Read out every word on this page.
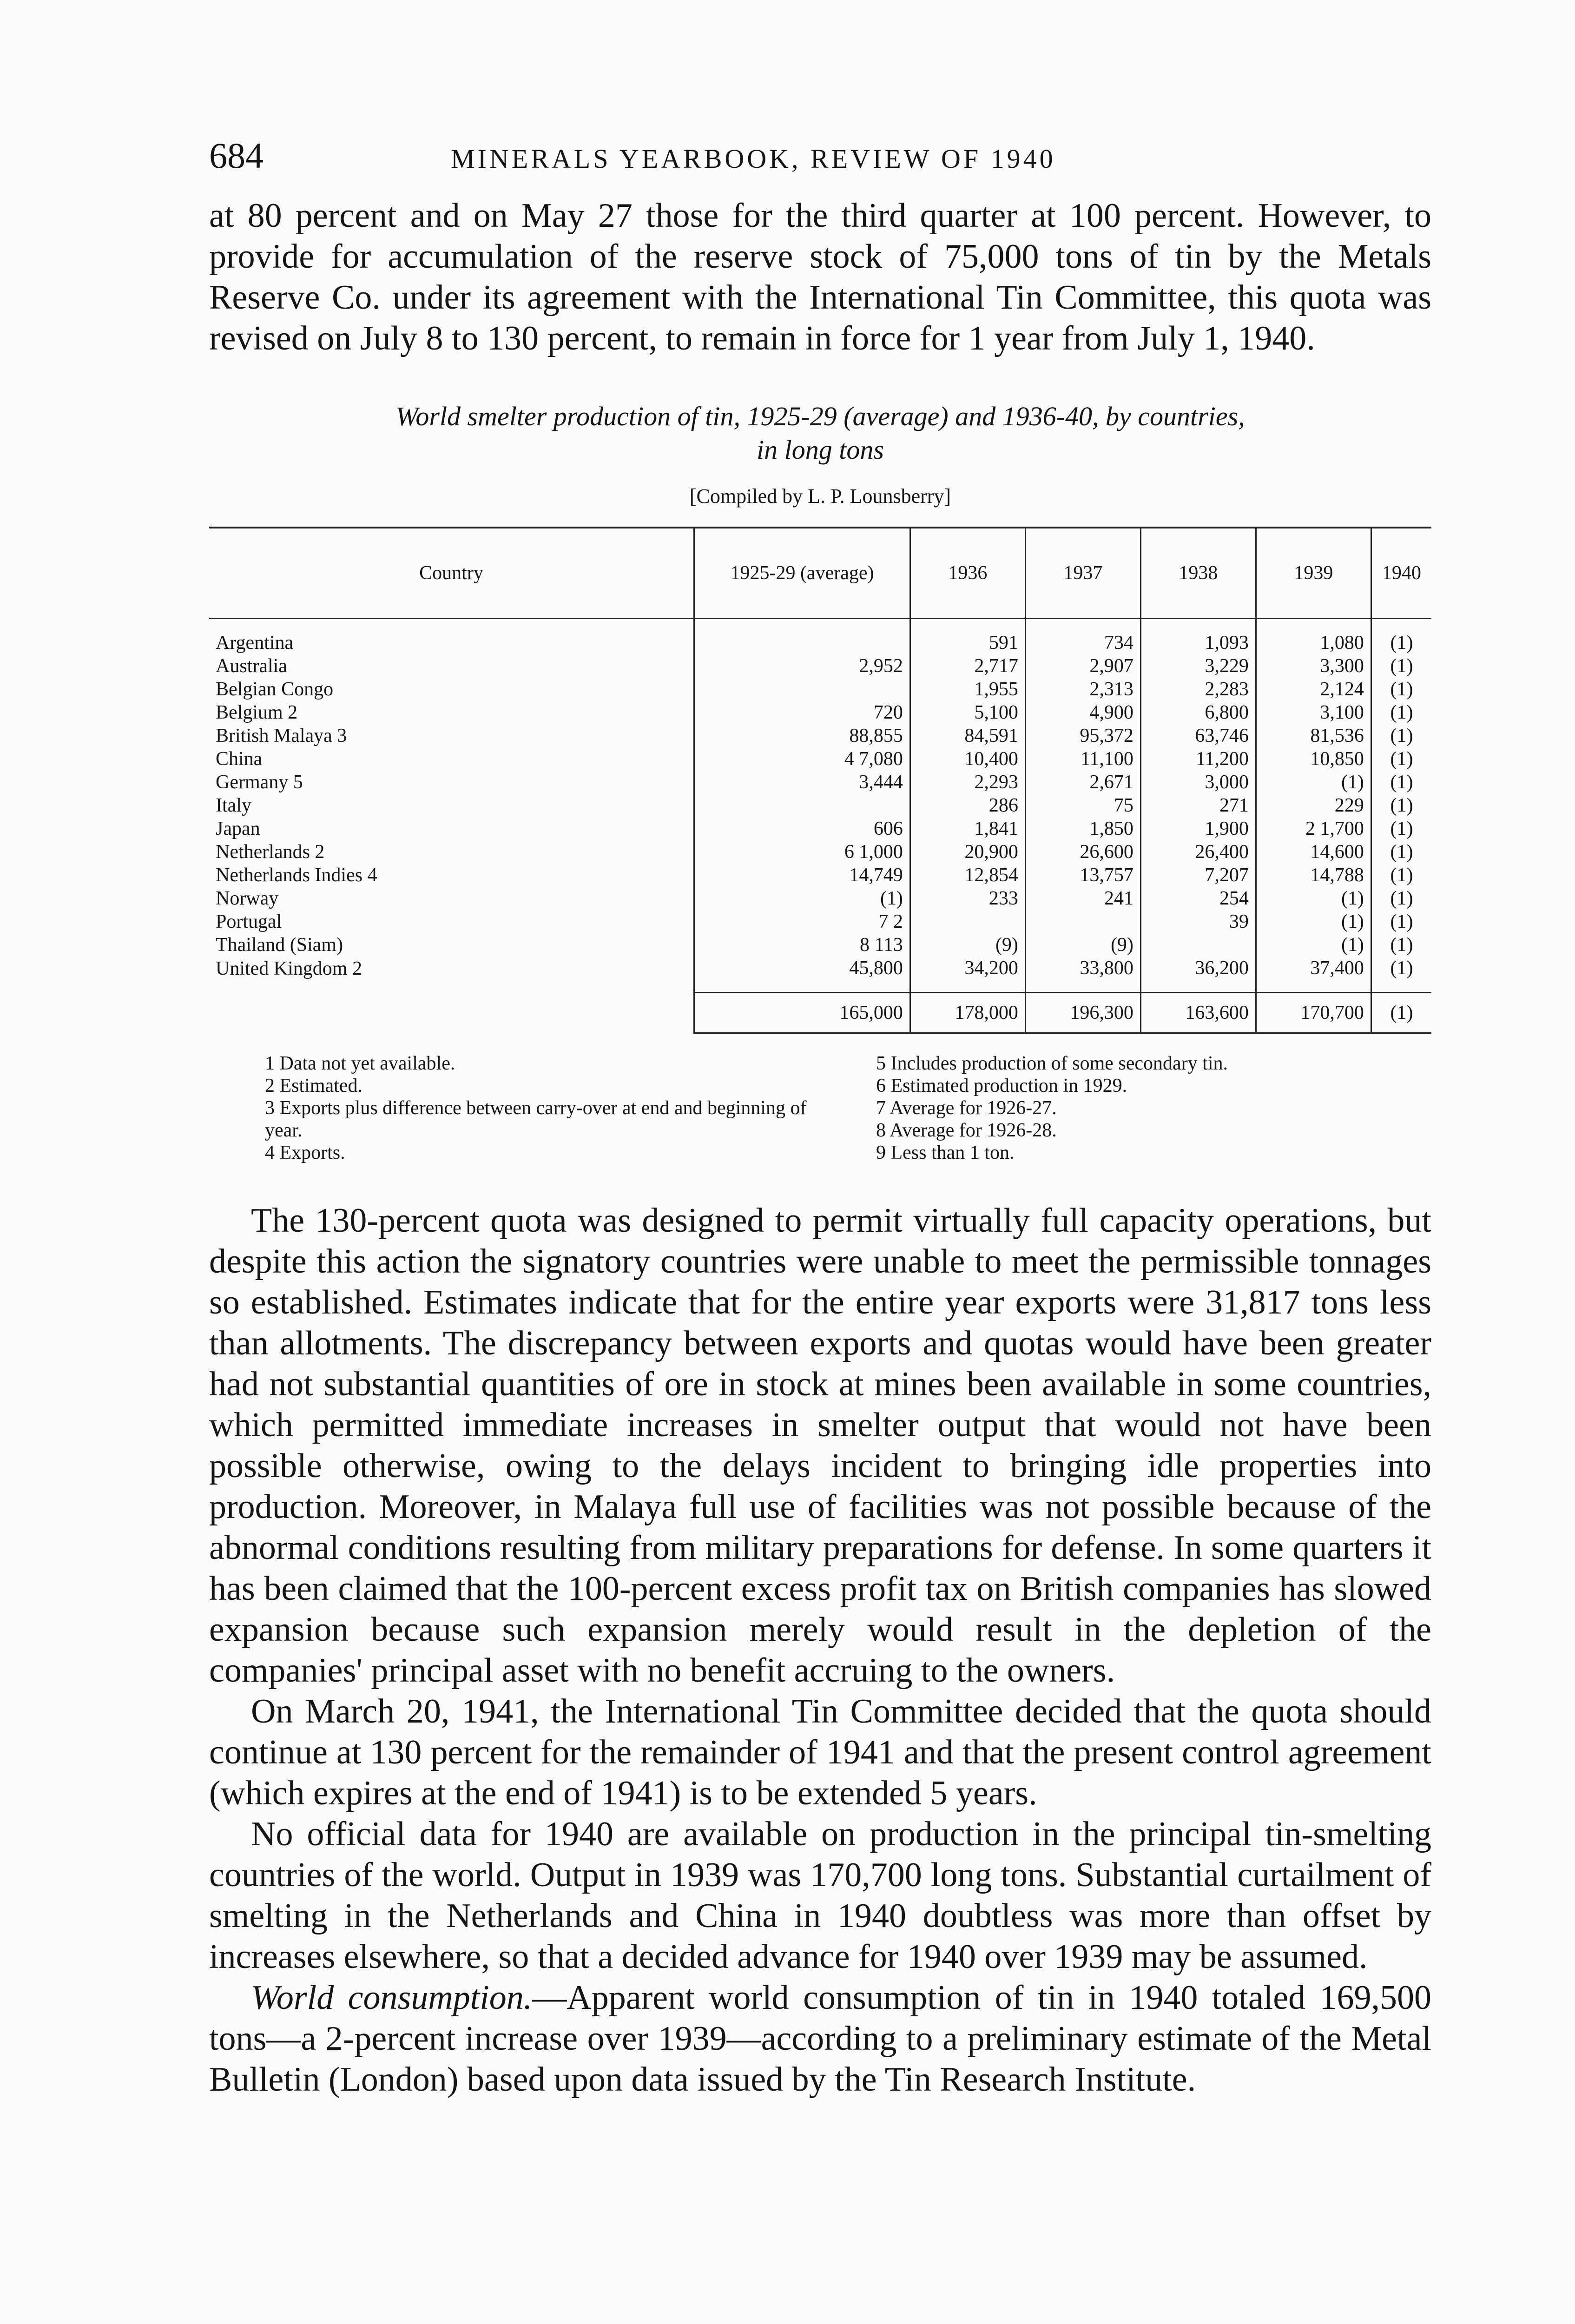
684	MINERALS YEARBOOK, REVIEW OF 1940

at 80 percent and on May 27 those for the third quarter at 100 percent. However, to provide for accumulation of the reserve stock of 75,000 tons of tin by the Metals Reserve Co. under its agreement with the International Tin Committee, this quota was revised on July 8 to 130 percent, to remain in force for 1 year from July 1, 1940.

World smelter production of tin, 1925-29 (average) and 1936-40, by countries,
in long tons
[Compiled by L. P. Lounsberry]
Country	1925-29 (average)	1936	1937	1938	1939	1940
Argentina		591	734	1,093	1,080	(1)
Australia	2,952	2,717	2,907	3,229	3,300	(1)
Belgian Congo		1,955	2,313	2,283	2,124	(1)
Belgium 2	720	5,100	4,900	6,800	3,100	(1)
British Malaya 3	88,855	84,591	95,372	63,746	81,536	(1)
China	4 7,080	10,400	11,100	11,200	10,850	(1)
Germany 5	3,444	2,293	2,671	3,000	(1)	(1)
Italy		286	75	271	229	(1)
Japan	606	1,841	1,850	1,900	2 1,700	(1)
Netherlands 2	6 1,000	20,900	26,600	26,400	14,600	(1)
Netherlands Indies 4	14,749	12,854	13,757	7,207	14,788	(1)
Norway	(1)	233	241	254	(1)	(1)
Portugal	7 2			39	(1)	(1)
Thailand (Siam)	8 113	(9)	(9)		(1)	(1)
United Kingdom 2	45,800	34,200	33,800	36,200	37,400	(1)
	165,000	178,000	196,300	163,600	170,700	(1)

1 Data not yet available.

2 Estimated.

3 Exports plus difference between carry-over at end and beginning of year.

4 Exports.

5 Includes production of some secondary tin.

6 Estimated production in 1929.

7 Average for 1926-27.

8 Average for 1926-28.

9 Less than 1 ton.

The 130-percent quota was designed to permit virtually full capacity operations, but despite this action the signatory countries were unable to meet the permissible tonnages so established. Estimates indicate that for the entire year exports were 31,817 tons less than allotments. The discrepancy between exports and quotas would have been greater had not substantial quantities of ore in stock at mines been available in some countries, which permitted immediate increases in smelter output that would not have been possible otherwise, owing to the delays incident to bringing idle properties into production. Moreover, in Malaya full use of facilities was not possible because of the abnormal conditions resulting from military preparations for defense. In some quarters it has been claimed that the 100-percent excess profit tax on British companies has slowed expansion because such expansion merely would result in the depletion of the companies' principal asset with no benefit accruing to the owners.

On March 20, 1941, the International Tin Committee decided that the quota should continue at 130 percent for the remainder of 1941 and that the present control agreement (which expires at the end of 1941) is to be extended 5 years.

No official data for 1940 are available on production in the principal tin-smelting countries of the world. Output in 1939 was 170,700 long tons. Substantial curtailment of smelting in the Netherlands and China in 1940 doubtless was more than offset by increases elsewhere, so that a decided advance for 1940 over 1939 may be assumed.

World consumption.—Apparent world consumption of tin in 1940 totaled 169,500 tons—a 2-percent increase over 1939—according to a preliminary estimate of the Metal Bulletin (London) based upon data issued by the Tin Research Institute.
